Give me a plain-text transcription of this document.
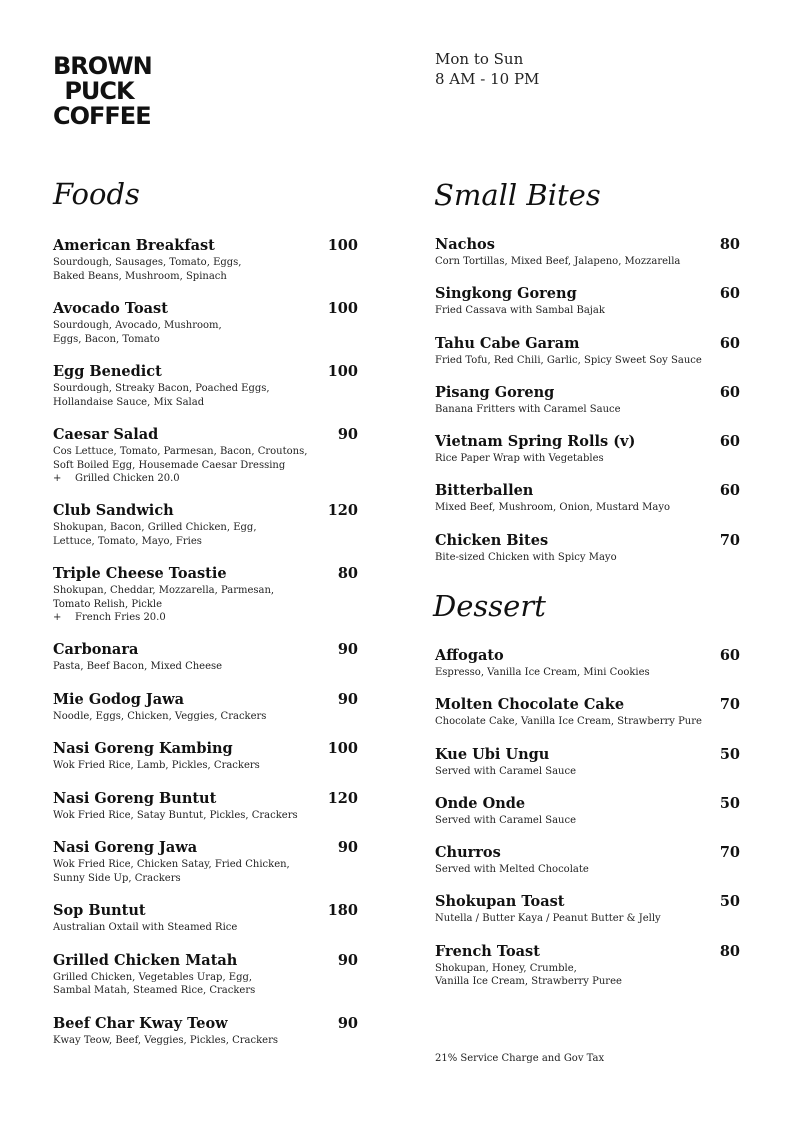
BROWN
PUCK
COFFEE
Mon to Sun
8 AM - 10 PM
Foods	Small Bites
Dessert
American Breakfast	100
Sourdough, Sausages, Tomato, Eggs,
Baked Beans, Mushroom, Spinach
Avocado Toast	100
Sourdough, Avocado, Mushroom,
Eggs, Bacon, Tomato
Egg Benedict	100
Sourdough, Streaky Bacon, Poached Eggs,
Hollandaise Sauce, Mix Salad
Caesar Salad	90
Cos Lettuce, Tomato, Parmesan, Bacon, Croutons,
Soft Boiled Egg, Housemade Caesar Dressing
+	Grilled Chicken 20.0
Club Sandwich	120
Shokupan, Bacon, Grilled Chicken, Egg,
Lettuce, Tomato, Mayo, Fries
Triple Cheese Toastie	80
Shokupan, Cheddar, Mozzarella, Parmesan,
Tomato Relish, Pickle
+	French Fries 20.0
Carbonara	90
Pasta, Beef Bacon, Mixed Cheese
Mie Godog Jawa	90
Noodle, Eggs, Chicken, Veggies, Crackers
Nasi Goreng Kambing	100
Wok Fried Rice, Lamb, Pickles, Crackers
Nasi Goreng Buntut	120
Wok Fried Rice, Satay Buntut, Pickles, Crackers
Nasi Goreng Jawa	90
Wok Fried Rice, Chicken Satay, Fried Chicken,
Sunny Side Up, Crackers
Sop Buntut	180
Australian Oxtail with Steamed Rice
Grilled Chicken Matah	90
Grilled Chicken, Vegetables Urap, Egg,
Sambal Matah, Steamed Rice, Crackers
Beef Char Kway Teow	90
Kway Teow, Beef, Veggies, Pickles, Crackers
Nachos	80
Corn Tortillas, Mixed Beef, Jalapeno, Mozzarella
Singkong Goreng	60
Fried Cassava with Sambal Bajak
Tahu Cabe Garam	60
Fried Tofu, Red Chili, Garlic, Spicy Sweet Soy Sauce
Pisang Goreng	60
Banana Fritters with Caramel Sauce
Vietnam Spring Rolls (v)	60
Rice Paper Wrap with Vegetables
Bitterballen	60
Mixed Beef, Mushroom, Onion, Mustard Mayo
Chicken Bites	70
Bite-sized Chicken with Spicy Mayo
Affogato	60
Espresso, Vanilla Ice Cream, Mini Cookies
Molten Chocolate Cake	70
Chocolate Cake, Vanilla Ice Cream, Strawberry Pure
Kue Ubi Ungu	50
Served with Caramel Sauce
Onde Onde	50
Served with Caramel Sauce
Churros	70
Served with Melted Chocolate
Shokupan Toast	50
Nutella / Butter Kaya / Peanut Butter & Jelly
French Toast	80
Shokupan, Honey, Crumble,
Vanilla Ice Cream, Strawberry Puree
21% Service Charge and Gov Tax
